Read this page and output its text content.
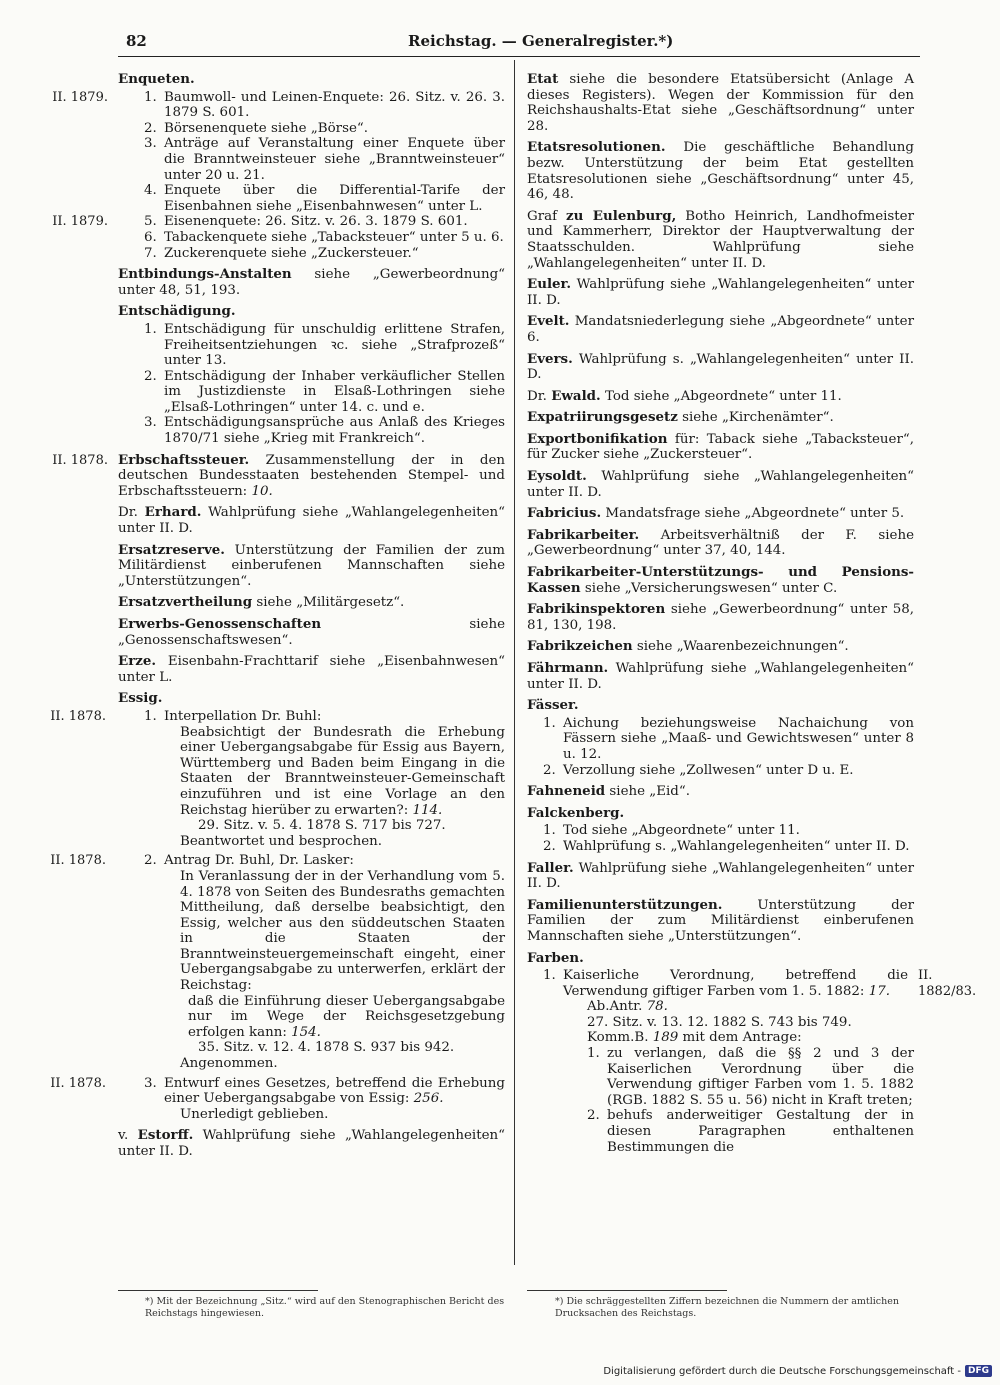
82	Reichstag. — Generalregister.*)
Enqueten.
II. 1879.	1. Baumwoll- und Leinen-Enquete: 26. Sitz. v. 26. 3. 1879 S. 601.
2. Börsenenquete siehe „Börse“.
3. Anträge auf Veranstaltung einer Enquete über die Branntweinsteuer siehe „Branntweinsteuer“ unter 20 u. 21.
4. Enquete über die Differential-Tarife der Eisenbahnen siehe „Eisenbahnwesen“ unter L.
II. 1879.	5. Eisenenquete: 26. Sitz. v. 26. 3. 1879 S. 601.
6. Tabackenquete siehe „Tabacksteuer“ unter 5 u. 6.
7. Zuckerenquete siehe „Zuckersteuer.“
Entbindungs-Anstalten siehe „Gewerbeordnung“ unter 48, 51, 193.
Entschädigung.
1. Entschädigung für unschuldig erlittene Strafen, Freiheitsentziehungen ꝛc. siehe „Strafprozeß“ unter 13.
2. Entschädigung der Inhaber verkäuflicher Stellen im Justizdienste in Elsaß-Lothringen siehe „Elsaß-Lothringen“ unter 14. c. und e.
3. Entschädigungsansprüche aus Anlaß des Krieges 1870/71 siehe „Krieg mit Frankreich“.
II. 1878. Erbschaftssteuer. Zusammenstellung der in den deutschen Bundesstaaten bestehenden Stempel- und Erbschaftssteuern: 10.
Dr. Erhard. Wahlprüfung siehe „Wahlangelegenheiten“ unter II. D.
Ersatzreserve. Unterstützung der Familien der zum Militärdienst einberufenen Mannschaften siehe „Unterstützungen“.
Ersatzvertheilung siehe „Militärgesetz“.
Erwerbs-Genossenschaften siehe „Genossenschaftswesen“.
Erze. Eisenbahn-Frachttarif siehe „Eisenbahnwesen“ unter L.
Essig.
II. 1878.	1. Interpellation Dr. Buhl:
Beabsichtigt der Bundesrath die Erhebung einer Uebergangsabgabe für Essig aus Bayern, Württemberg und Baden beim Eingang in die Staaten der Branntweinsteuer-Gemeinschaft einzuführen und ist eine Vorlage an den Reichstag hierüber zu erwarten?: 114.
29. Sitz. v. 5. 4. 1878 S. 717 bis 727.
Beantwortet und besprochen.
II. 1878.	2. Antrag Dr. Buhl, Dr. Lasker:
In Veranlassung der in der Verhandlung vom 5. 4. 1878 von Seiten des Bundesraths gemachten Mittheilung, daß derselbe beabsichtigt, den Essig, welcher aus den süddeutschen Staaten in die Staaten der Branntweinsteuergemeinschaft eingeht, einer Uebergangsabgabe zu unterwerfen, erklärt der Reichstag:
daß die Einführung dieser Uebergangsabgabe nur im Wege der Reichsgesetzgebung erfolgen kann: 154.
35. Sitz. v. 12. 4. 1878 S. 937 bis 942.
Angenommen.
II. 1878.	3. Entwurf eines Gesetzes, betreffend die Erhebung einer Uebergangsabgabe von Essig: 256.
Unerledigt geblieben.
v. Estorff. Wahlprüfung siehe „Wahlangelegenheiten“ unter II. D.
Etat siehe die besondere Etatsübersicht (Anlage A dieses Registers). Wegen der Kommission für den Reichshaushalts-Etat siehe „Geschäftsordnung“ unter 28.
Etatsresolutionen. Die geschäftliche Behandlung bezw. Unterstützung der beim Etat gestellten Etatsresolutionen siehe „Geschäftsordnung“ unter 45, 46, 48.
Graf zu Eulenburg, Botho Heinrich, Landhofmeister und Kammerherr, Direktor der Hauptverwaltung der Staatsschulden. Wahlprüfung siehe „Wahlangelegenheiten“ unter II. D.
Euler. Wahlprüfung siehe „Wahlangelegenheiten“ unter II. D.
Evelt. Mandatsniederlegung siehe „Abgeordnete“ unter 6.
Evers. Wahlprüfung s. „Wahlangelegenheiten“ unter II. D.
Dr. Ewald. Tod siehe „Abgeordnete“ unter 11.
Expatriirungsgesetz siehe „Kirchenämter“.
Exportbonifikation für: Taback siehe „Tabacksteuer“, für Zucker siehe „Zuckersteuer“.
Eysoldt. Wahlprüfung siehe „Wahlangelegenheiten“ unter II. D.
Fabricius. Mandatsfrage siehe „Abgeordnete“ unter 5.
Fabrikarbeiter. Arbeitsverhältniß der F. siehe „Gewerbeordnung“ unter 37, 40, 144.
Fabrikarbeiter-Unterstützungs- und Pensions-Kassen siehe „Versicherungswesen“ unter C.
Fabrikinspektoren siehe „Gewerbeordnung“ unter 58, 81, 130, 198.
Fabrikzeichen siehe „Waarenbezeichnungen“.
Fährmann. Wahlprüfung siehe „Wahlangelegenheiten“ unter II. D.
Fässer.
1. Aichung beziehungsweise Nachaichung von Fässern siehe „Maaß- und Gewichtswesen“ unter 8 u. 12.
2. Verzollung siehe „Zollwesen“ unter D u. E.
Fahneneid siehe „Eid“.
Falckenberg.
1. Tod siehe „Abgeordnete“ unter 11.
2. Wahlprüfung s. „Wahlangelegenheiten“ unter II. D.
Faller. Wahlprüfung siehe „Wahlangelegenheiten“ unter II. D.
Familienunterstützungen. Unterstützung der Familien der zum Militärdienst einberufenen Mannschaften siehe „Unterstützungen“.
Farben.
1. Kaiserliche Verordnung, betreffend die Verwendung giftiger Farben vom 1. 5. 1882: 17.
II. 1882/83.
Ab.Antr. 78.
27. Sitz. v. 13. 12. 1882 S. 743 bis 749.
Komm.B. 189 mit dem Antrage:
1. zu verlangen, daß die §§ 2 und 3 der Kaiserlichen Verordnung über die Verwendung giftiger Farben vom 1. 5. 1882 (RGB. 1882 S. 55 u. 56) nicht in Kraft treten;
2. behufs anderweitiger Gestaltung der in diesen Paragraphen enthaltenen Bestimmungen die
*) Mit der Bezeichnung „Sitz.“ wird auf den Stenographischen Bericht des Reichstags hingewiesen.
*) Die schräggestellten Ziffern bezeichnen die Nummern der amtlichen Drucksachen des Reichstags.
Digitalisierung gefördert durch die Deutsche Forschungsgemeinschaft - DFG
